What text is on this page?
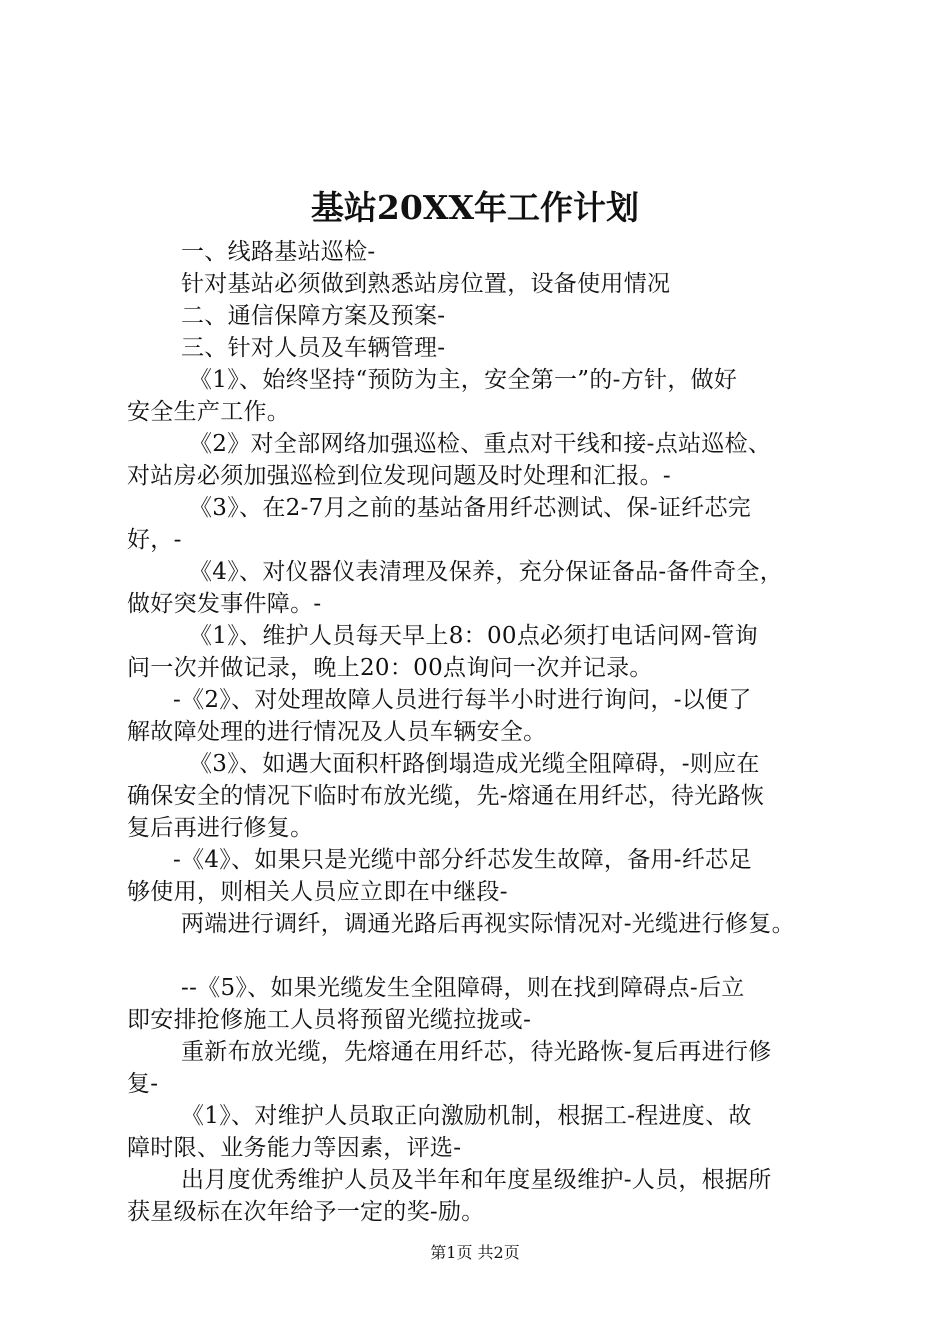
基站20XX年工作计划
一、线路基站巡检-
针对基站必须做到熟悉站房位置，设备使用情况
二、通信保障方案及预案-
三、针对人员及车辆管理-
《1》、始终坚持“预防为主，安全第一”的-方针，做好
安全生产工作。
《2》对全部网络加强巡检、重点对干线和接-点站巡检、
对站房必须加强巡检到位发现问题及时处理和汇报。-
《3》、在2-7月之前的基站备用纤芯测试、保-证纤芯完
好，-
《4》、对仪器仪表清理及保养，充分保证备品-备件奇全，
做好突发事件障。-
《1》、维护人员每天早上8：00点必须打电话问网-管询
问一次并做记录，晚上20：00点询问一次并记录。
-《2》、对处理故障人员进行每半小时进行询问，-以便了
解故障处理的进行情况及人员车辆安全。
《3》、如遇大面积杆路倒塌造成光缆全阻障碍，-则应在
确保安全的情况下临时布放光缆，先-熔通在用纤芯，待光路恢
复后再进行修复。
-《4》、如果只是光缆中部分纤芯发生故障，备用-纤芯足
够使用，则相关人员应立即在中继段-
两端进行调纤，调通光路后再视实际情况对-光缆进行修复。
--《5》、如果光缆发生全阻障碍，则在找到障碍点-后立
即安排抢修施工人员将预留光缆拉拢或-
重新布放光缆，先熔通在用纤芯，待光路恢-复后再进行修
复-
《1》、对维护人员取正向激励机制，根据工-程进度、故
障时限、业务能力等因素，评选-
出月度优秀维护人员及半年和年度星级维护-人员，根据所
获星级标在次年给予一定的奖-励。
第1页 共2页
